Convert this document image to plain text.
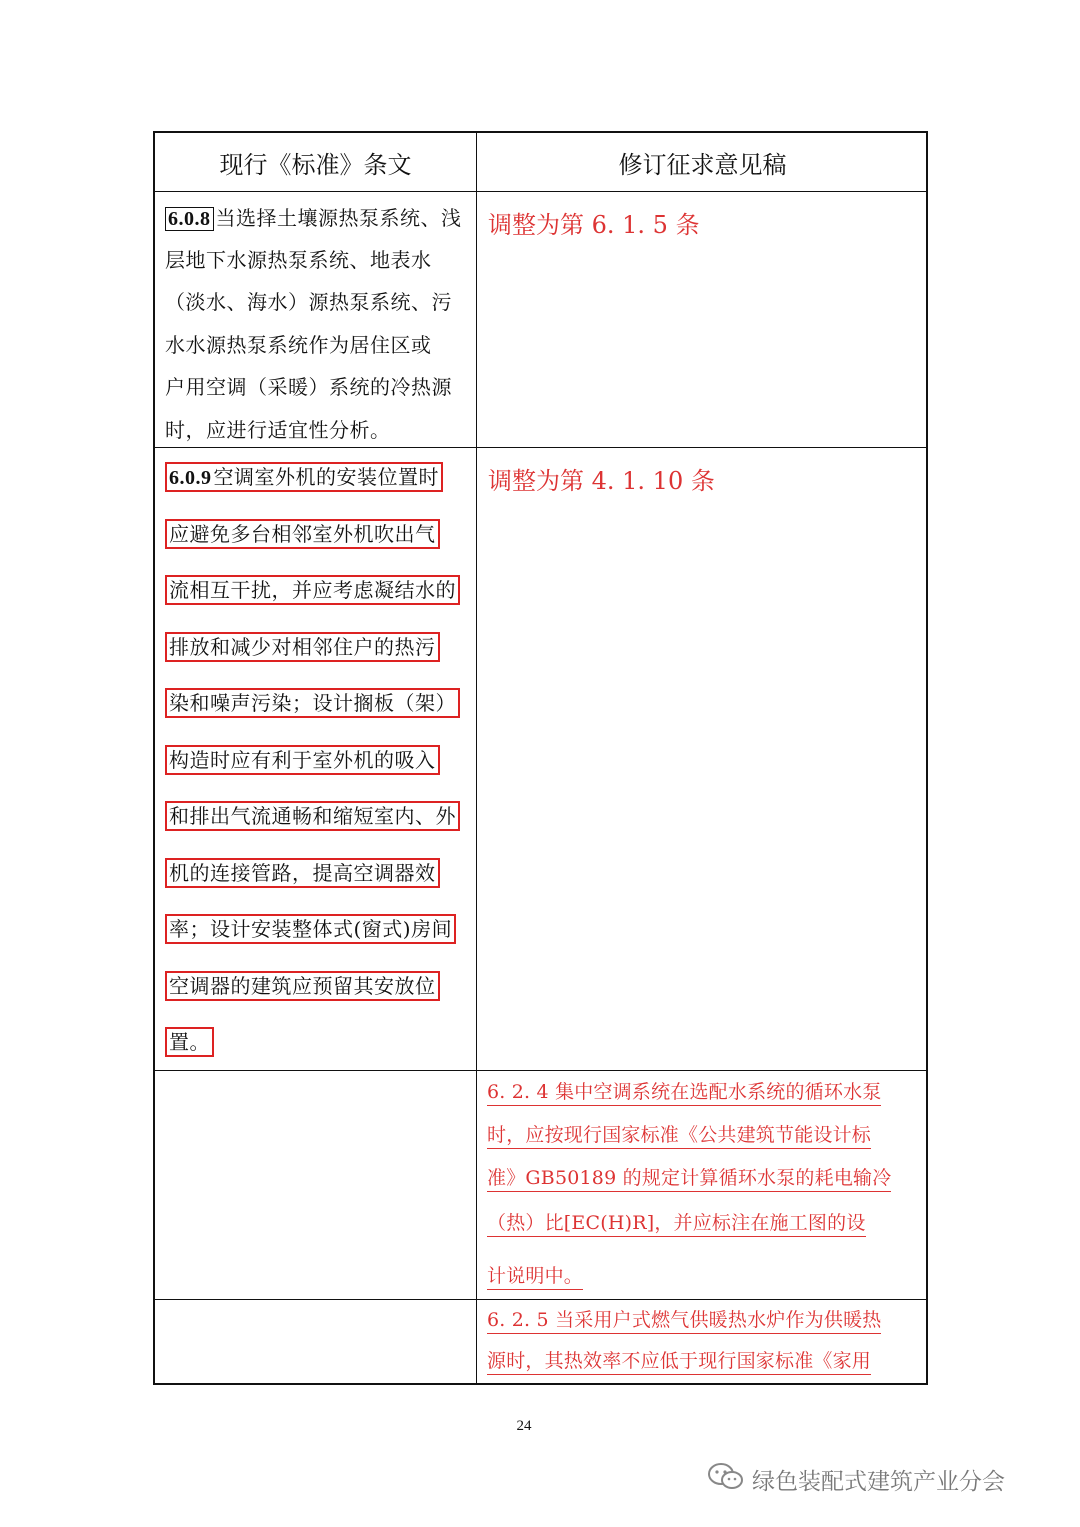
现行《标准》条文	修订征求意见稿
6.0.8 当选择土壤源热泵系统、浅
层地下水源热泵系统、地表水
（淡水、海水）源热泵系统、污
水水源热泵系统作为居住区或
户用空调（采暖）系统的冷热源
时，应进行适宜性分析。
调整为第 6. 1. 5 条
6.0.9 空调室外机的安装位置时
应避免多台相邻室外机吹出气
流相互干扰，并应考虑凝结水的
排放和减少对相邻住户的热污
染和噪声污染；设计搁板（架）
构造时应有利于室外机的吸入
和排出气流通畅和缩短室内、外
机的连接管路，提高空调器效
率；设计安装整体式(窗式)房间
空调器的建筑应预留其安放位
置。
调整为第 4. 1. 10 条
6. 2. 4 集中空调系统在选配水系统的循环水泵
时，应按现行国家标准《公共建筑节能设计标
准》GB50189 的规定计算循环水泵的耗电输冷
（热）比[EC(H)R]，并应标注在施工图的设
计说明中。
6. 2. 5 当采用户式燃气供暖热水炉作为供暖热
源时，其热效率不应低于现行国家标准《家用
24
绿色装配式建筑产业分会
